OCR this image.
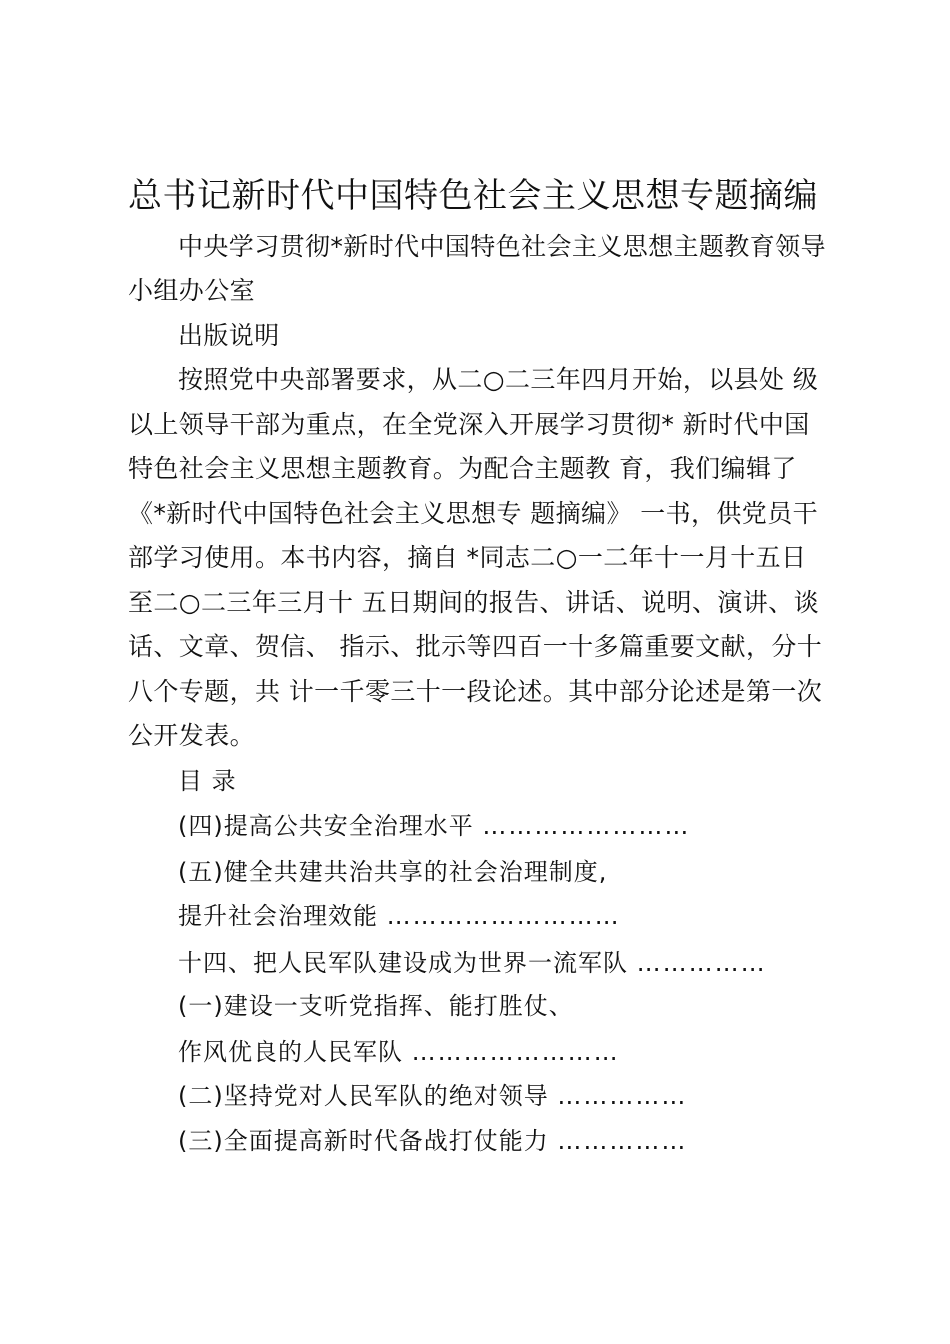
总书记新时代中国特色社会主义思想专题摘编
中央学习贯彻*新时代中国特色社会主义思想主题教育领导
小组办公室
出版说明
按照党中央部署要求，从二○二三年四月开始，以县处 级
以上领导干部为重点，在全党深入开展学习贯彻* 新时代中国
特色社会主义思想主题教育。为配合主题教 育，我们编辑了
《*新时代中国特色社会主义思想专 题摘编》 一书，供党员干
部学习使用。本书内容，摘自 *同志二○一二年十一月十五日
至二○二三年三月十 五日期间的报告、讲话、说明、演讲、谈
话、文章、贺信、 指示、批示等四百一十多篇重要文献，分十
八个专题，共 计一千零三十一段论述。其中部分论述是第一次
公开发表。
目 录
(四)提高公共安全治理水平 ……………………
(五)健全共建共治共享的社会治理制度,
提升社会治理效能 ………………………
十四、把人民军队建设成为世界一流军队 ……………
(一)建设一支听党指挥、能打胜仗、
作风优良的人民军队 ……………………
(二)坚持党对人民军队的绝对领导 ……………
(三)全面提高新时代备战打仗能力 ……………
